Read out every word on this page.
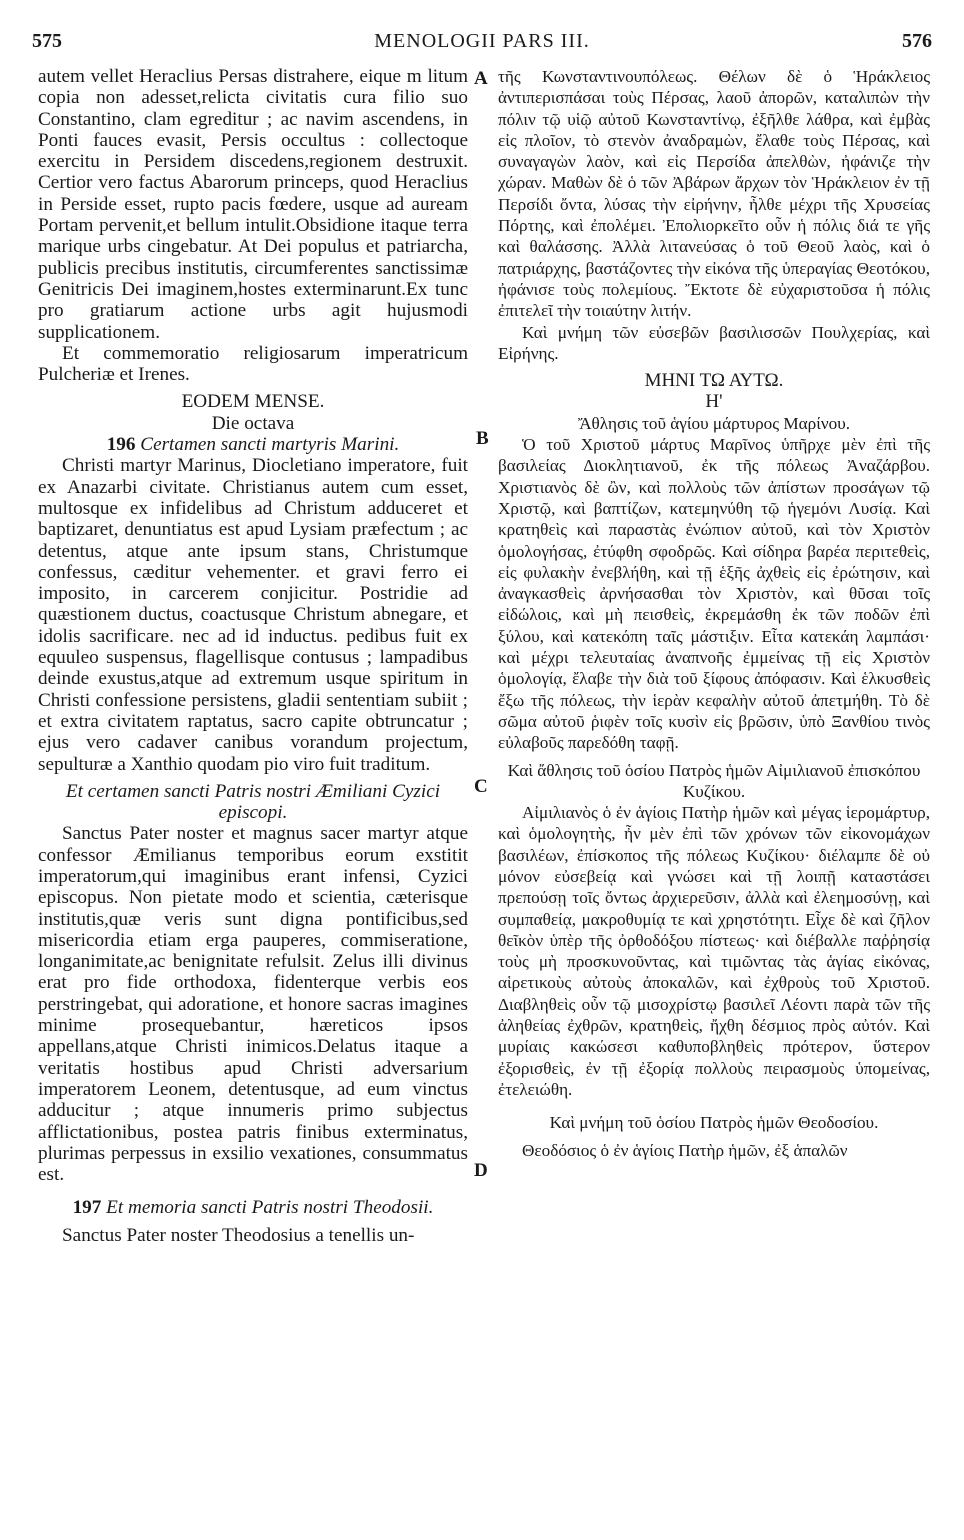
575	MENOLOGII PARS III.	576
A
B
C
D

autem vellet Heraclius Persas distrahere, eique m litum copia non adesset,relicta civitatis cura filio suo Constantino, clam egreditur ; ac navim ascendens, in Ponti fauces evasit, Persis occultus : collectoque exercitu in Persidem discedens,regionem destruxit. Certior vero factus Abarorum princeps, quod Heraclius in Perside esset, rupto pacis fœdere, usque ad auream Portam pervenit,et bellum intulit.Obsidione itaque terra marique urbs cingebatur. At Dei populus et patriarcha, publicis precibus institutis, circumferentes sanctissimæ Genitricis Dei imaginem,hostes exterminarunt.Ex tunc pro gratiarum actione urbs agit hujusmodi supplicationem.

Et commemoratio religiosarum imperatricum Pulcheriæ et Irenes.

EODEM MENSE.

Die octava

196 Certamen sancti martyris Marini.

Christi martyr Marinus, Diocletiano imperatore, fuit ex Anazarbi civitate. Christianus autem cum esset, multosque ex infidelibus ad Christum adduceret et baptizaret, denuntiatus est apud Lysiam præfectum ; ac detentus, atque ante ipsum stans, Christumque confessus, cæditur vehementer. et gravi ferro ei imposito, in carcerem conjicitur. Postridie ad quæstionem ductus, coactusque Christum abnegare, et idolis sacrificare. nec ad id inductus. pedibus fuit ex equuleo suspensus, flagellisque contusus ; lampadibus deinde exustus,atque ad extremum usque spiritum in Christi confessione persistens, gladii sententiam subiit ; et extra civitatem raptatus, sacro capite obtruncatur ; ejus vero cadaver canibus vorandum projectum, sepulturæ a Xanthio quodam pio viro fuit traditum.

Et certamen sancti Patris nostri Æmiliani Cyzici episcopi.

Sanctus Pater noster et magnus sacer martyr atque confessor Æmilianus temporibus eorum exstitit imperatorum,qui imaginibus erant infensi, Cyzici episcopus. Non pietate modo et scientia, cæterisque institutis,quæ veris sunt digna pontificibus,sed misericordia etiam erga pauperes, commiseratione, longanimitate,ac benignitate refulsit. Zelus illi divinus erat pro fide orthodoxa, fidenterque verbis eos perstringebat, qui adoratione, et honore sacras imagines minime prosequebantur, hæreticos ipsos appellans,atque Christi inimicos.Delatus itaque a veritatis hostibus apud Christi adversarium imperatorem Leonem, detentusque, ad eum vinctus adducitur ; atque innumeris primo subjectus afflictationibus, postea patris finibus exterminatus, plurimas perpessus in exsilio vexationes, consummatus est.

197 Et memoria sancti Patris nostri Theodosii.

Sanctus Pater noster Theodosius a tenellis un-

τῆς Κωνσταντινουπόλεως. Θέλων δὲ ὁ Ἡράκλειος ἀντιπερισπάσαι τοὺς Πέρσας, λαοῦ ἀπορῶν, καταλιπὼν τὴν πόλιν τῷ υἱῷ αὐτοῦ Κωνσταντίνῳ, ἐξῆλθε λάθρα, καὶ ἐμβὰς εἰς πλοῖον, τὸ στενὸν ἀναδραμὼν, ἔλαθε τοὺς Πέρσας, καὶ συναγαγὼν λαὸν, καὶ εἰς Περσίδα ἀπελθὼν, ἠφάνιζε τὴν χώραν. Μαθὼν δὲ ὁ τῶν Ἀβάρων ἄρχων τὸν Ἡράκλειον ἐν τῇ Περσίδι ὄντα, λύσας τὴν εἰρήνην, ἦλθε μέχρι τῆς Χρυσείας Πόρτης, καὶ ἐπολέμει. Ἐπολιορκεῖτο οὖν ἡ πόλις διά τε γῆς καὶ θαλάσσης. Ἀλλὰ λιτανεύσας ὁ τοῦ Θεοῦ λαὸς, καὶ ὁ πατριάρχης, βαστάζοντες τὴν εἰκόνα τῆς ὑπεραγίας Θεοτόκου, ἠφάνισε τοὺς πολεμίους. Ἔκτοτε δὲ εὐχαριστοῦσα ἡ πόλις ἐπιτελεῖ τὴν τοιαύτην λιτήν.

Καὶ μνήμη τῶν εὐσεβῶν βασιλισσῶν Πουλχερίας, καὶ Εἰρήνης.

ΜΗΝΙ ΤΩ ΑΥΤΩ.

Η'

Ἄθλησις τοῦ ἁγίου μάρτυρος Μαρίνου.

Ὁ τοῦ Χριστοῦ μάρτυς Μαρῖνος ὑπῆρχε μὲν ἐπὶ τῆς βασιλείας Διοκλητιανοῦ, ἐκ τῆς πόλεως Ἀναζάρβου. Χριστιανὸς δὲ ὢν, καὶ πολλοὺς τῶν ἀπίστων προσάγων τῷ Χριστῷ, καὶ βαπτίζων, κατεμηνύθη τῷ ἡγεμόνι Λυσίᾳ. Καὶ κρατηθεὶς καὶ παραστὰς ἐνώπιον αὐτοῦ, καὶ τὸν Χριστὸν ὁμολογήσας, ἐτύφθη σφοδρῶς. Καὶ σίδηρα βαρέα περιτεθεὶς, εἰς φυλακὴν ἐνεβλήθη, καὶ τῇ ἑξῆς ἀχθεὶς εἰς ἐρώτησιν, καὶ ἀναγκασθεὶς ἀρνήσασθαι τὸν Χριστὸν, καὶ θῦσαι τοῖς εἰδώλοις, καὶ μὴ πεισθεὶς, ἐκρεμάσθη ἐκ τῶν ποδῶν ἐπὶ ξύλου, καὶ κατεκόπη ταῖς μάστιξιν. Εἶτα κατεκάη λαμπάσι· καὶ μέχρι τελευταίας ἀναπνοῆς ἐμμείνας τῇ εἰς Χριστὸν ὁμολογίᾳ, ἔλαβε τὴν διὰ τοῦ ξίφους ἀπόφασιν. Καὶ ἑλκυσθεὶς ἔξω τῆς πόλεως, τὴν ἱερὰν κεφαλὴν αὐτοῦ ἀπετμήθη. Τὸ δὲ σῶμα αὐτοῦ ῥιφὲν τοῖς κυσὶν εἰς βρῶσιν, ὑπὸ Ξανθίου τινὸς εὐλαβοῦς παρεδόθη ταφῇ.

Καὶ ἄθλησις τοῦ ὁσίου Πατρὸς ἡμῶν Αἰμιλιανοῦ ἐπισκόπου Κυζίκου.

Αἰμιλιανὸς ὁ ἐν ἁγίοις Πατὴρ ἡμῶν καὶ μέγας ἱερομάρτυρ, καὶ ὁμολογητὴς, ἦν μὲν ἐπὶ τῶν χρόνων τῶν εἰκονομάχων βασιλέων, ἐπίσκοπος τῆς πόλεως Κυζίκου· διέλαμπε δὲ οὐ μόνον εὐσεβείᾳ καὶ γνώσει καὶ τῇ λοιπῇ καταστάσει πρεπούσῃ τοῖς ὄντως ἀρχιερεῦσιν, ἀλλὰ καὶ ἐλεημοσύνῃ, καὶ συμπαθείᾳ, μακροθυμίᾳ τε καὶ χρηστότητι. Εἶχε δὲ καὶ ζῆλον θεῖκὸν ὑπὲρ τῆς ὀρθοδόξου πίστεως· καὶ διέβαλλε παῤῥησίᾳ τοὺς μὴ προσκυνοῦντας, καὶ τιμῶντας τὰς ἁγίας εἰκόνας, αἱρετικοὺς αὐτοὺς ἀποκαλῶν, καὶ ἐχθροὺς τοῦ Χριστοῦ. Διαβληθεὶς οὖν τῷ μισοχρίστῳ βασιλεῖ Λέοντι παρὰ τῶν τῆς ἀληθείας ἐχθρῶν, κρατηθεὶς, ἤχθη δέσμιος πρὸς αὐτόν. Καὶ μυρίαις κακώσεσι καθυποβληθεὶς πρότερον, ὕστερον ἐξορισθεὶς, ἐν τῇ ἐξορίᾳ πολλοὺς πειρασμοὺς ὑπομείνας, ἐτελειώθη.

Καὶ μνήμη τοῦ ὁσίου Πατρὸς ἡμῶν Θεοδοσίου.

Θεοδόσιος ὁ ἐν ἁγίοις Πατὴρ ἡμῶν, ἐξ ἁπαλῶν
